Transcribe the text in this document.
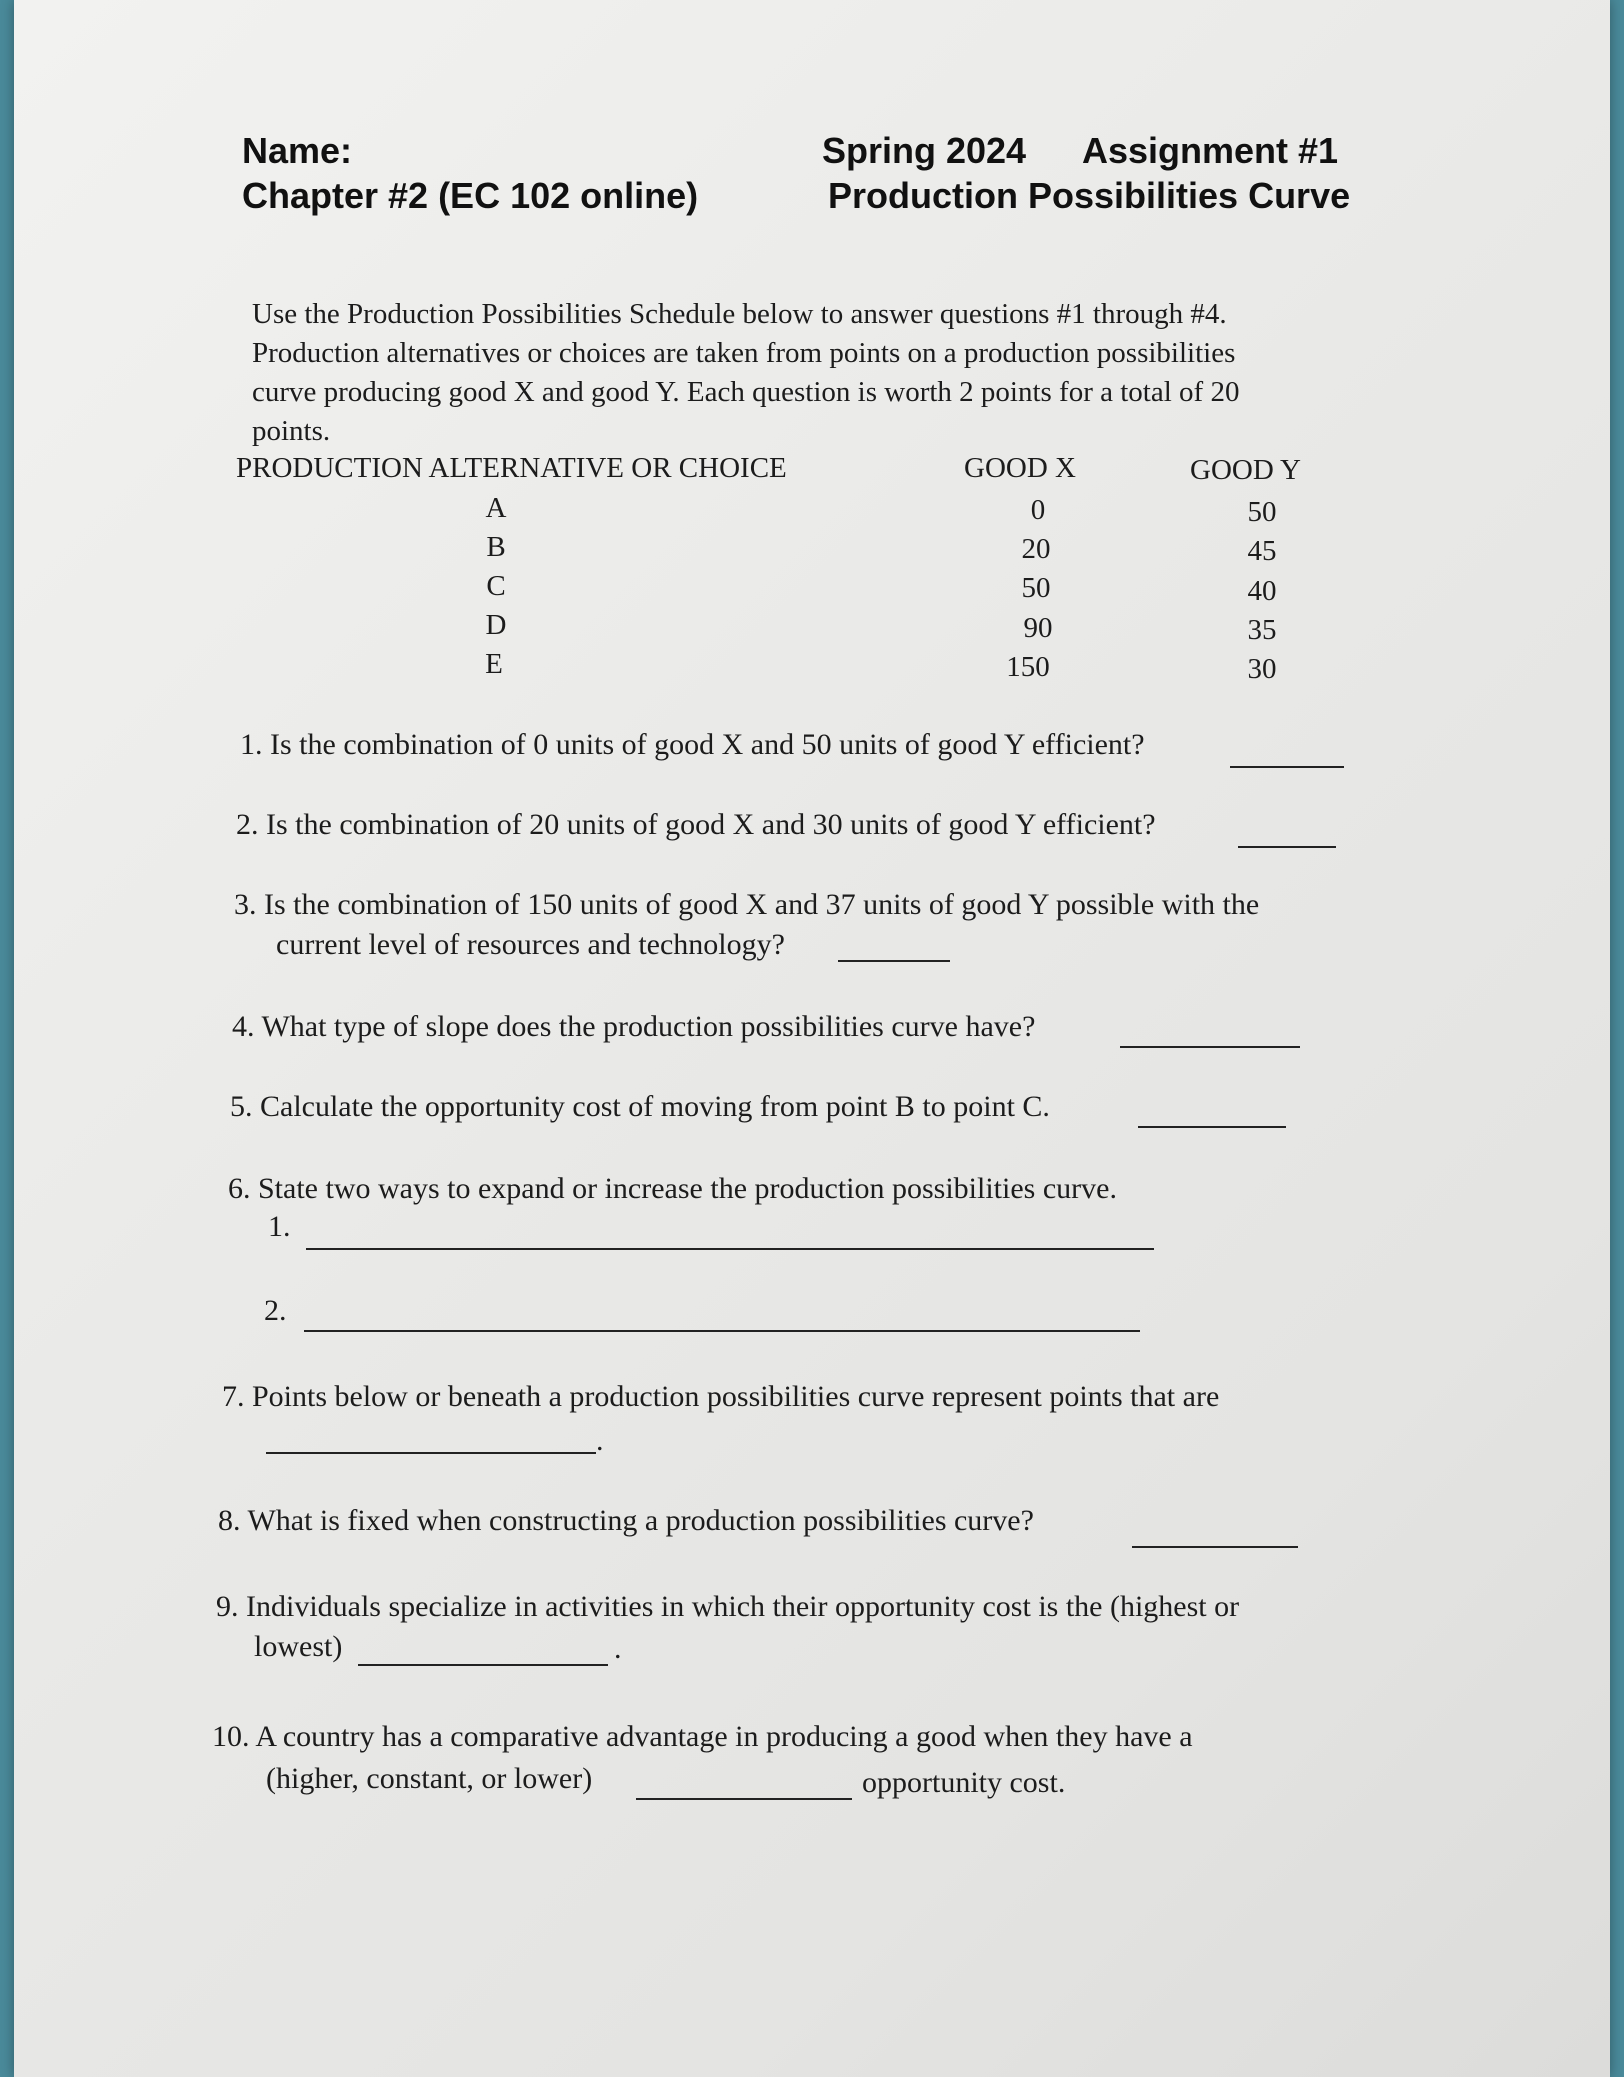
Name:
Chapter #2 (EC 102 online)
Spring 2024 Assignment #1
Production Possibilities Curve
Use the Production Possibilities Schedule below to answer questions #1 through #4.
Production alternatives or choices are taken from points on a production possibilities
curve producing good X and good Y. Each question is worth 2 points for a total of 20
points.
PRODUCTION ALTERNATIVE OR CHOICE	GOOD X	GOOD Y
A	0	50
B	20	45
C	50	40
D	90	35
E	150	30
1. Is the combination of 0 units of good X and 50 units of good Y efficient?
2. Is the combination of 20 units of good X and 30 units of good Y efficient?
3. Is the combination of 150 units of good X and 37 units of good Y possible with the
current level of resources and technology?
4. What type of slope does the production possibilities curve have?
5. Calculate the opportunity cost of moving from point B to point C.
6. State two ways to expand or increase the production possibilities curve.
1.
2.
7. Points below or beneath a production possibilities curve represent points that are
.
8. What is fixed when constructing a production possibilities curve?
9. Individuals specialize in activities in which their opportunity cost is the (highest or
lowest)	.
10. A country has a comparative advantage in producing a good when they have a
(higher, constant, or lower)	opportunity cost.
